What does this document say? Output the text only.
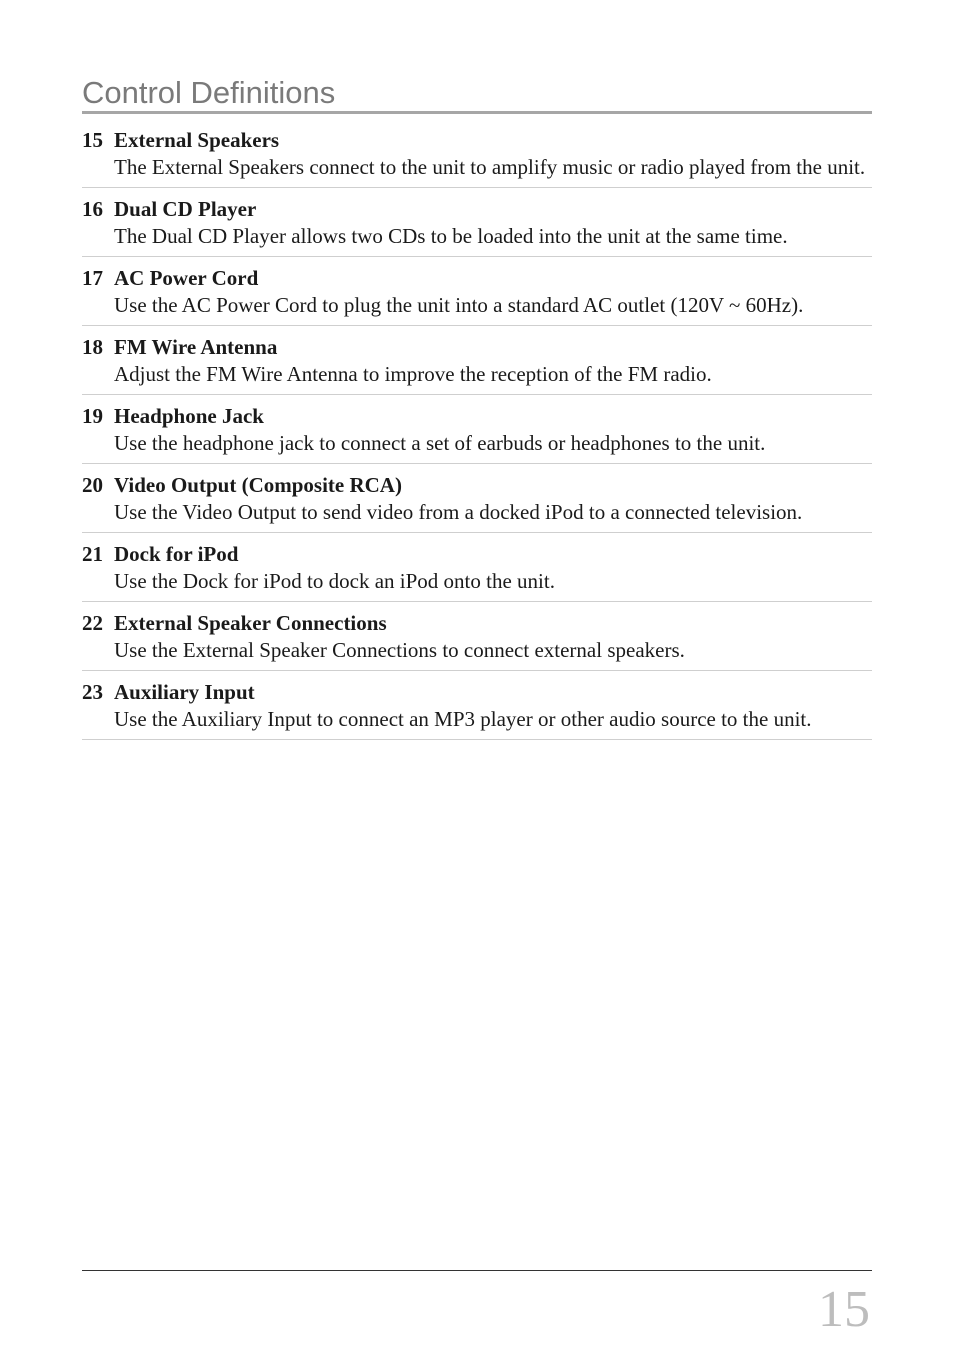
Control Definitions
15 External Speakers
The External Speakers connect to the unit to amplify music or radio played from the unit.
16 Dual CD Player
The Dual CD Player allows two CDs to be loaded into the unit at the same time.
17 AC Power Cord
Use the AC Power Cord to plug the unit into a standard AC outlet (120V ~ 60Hz).
18 FM Wire Antenna
Adjust the FM Wire Antenna to improve the reception of the FM radio.
19 Headphone Jack
Use the headphone jack to connect a set of earbuds or headphones to the unit.
20 Video Output (Composite RCA)
Use the Video Output to send video from a docked iPod to a connected television.
21 Dock for iPod
Use the Dock for iPod to dock an iPod onto the unit.
22 External Speaker Connections
Use the External Speaker Connections to connect external speakers.
23 Auxiliary Input
Use the Auxiliary Input to connect an MP3 player or other audio source to the unit.
15
